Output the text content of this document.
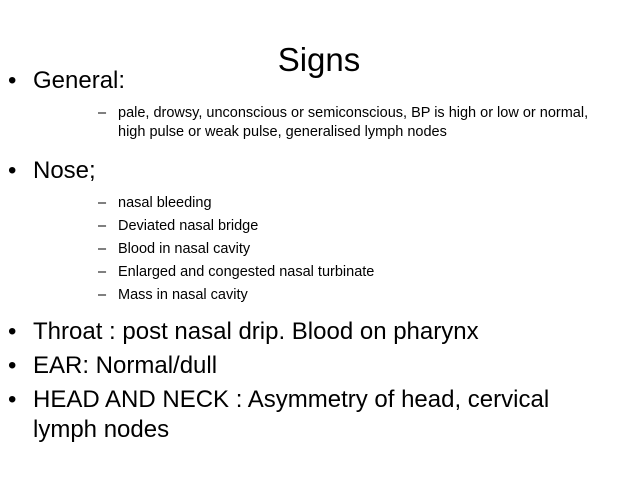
Signs
• General:
– pale, drowsy, unconscious or semiconscious, BP is high or low or normal, high pulse or weak pulse, generalised lymph nodes
• Nose;
– nasal bleeding
– Deviated nasal bridge
– Blood in nasal cavity
– Enlarged and congested nasal turbinate
– Mass in nasal cavity
• Throat : post nasal drip. Blood on pharynx
• EAR: Normal/dull
• HEAD AND NECK : Asymmetry of head, cervical lymph nodes
